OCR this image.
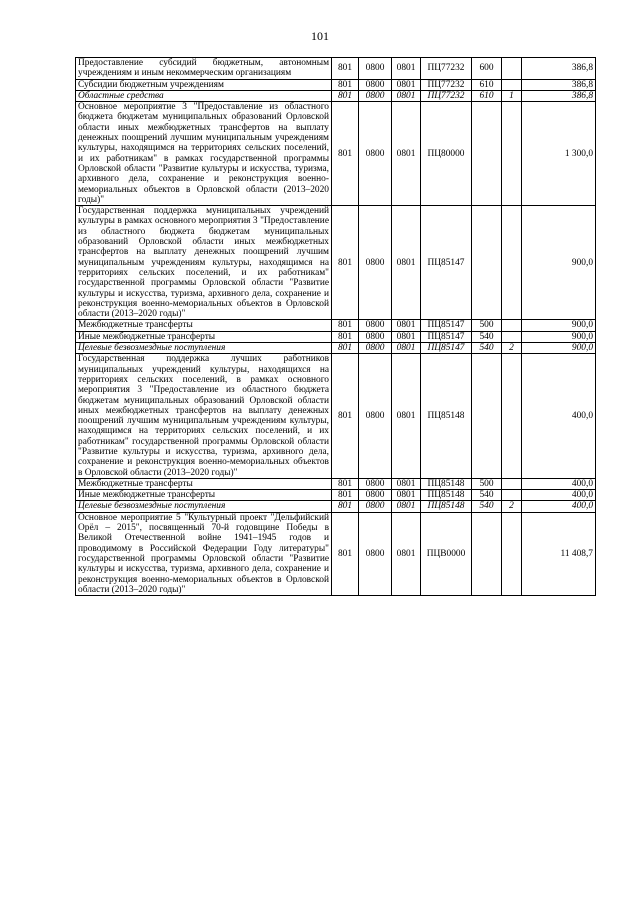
101
Предоставление субсидий бюджетным, автономным учреждениям и иным некоммерческим организациям	801	0800	0801	ПЦ77232	600		386,8
Субсидии бюджетным учреждениям	801	0800	0801	ПЦ77232	610		386,8
Областные средства	801	0800	0801	ПЦ77232	610	1	386,8
Основное мероприятие 3 "Предоставление из областного бюджета бюджетам муниципальных образований Орловской области иных межбюджетных трансфертов на выплату денежных поощрений лучшим муниципальным учреждениям культуры, находящимся на территориях сельских поселений, и их работникам" в рамках государственной программы Орловской области "Развитие культуры и искусства, туризма, архивного дела, сохранение и реконструкция военно-мемориальных объектов в Орловской области (2013–2020 годы)"	801	0800	0801	ПЦ80000			1 300,0
Государственная поддержка муниципальных учреждений культуры в рамках основного мероприятия 3 "Предоставление из областного бюджета бюджетам муниципальных образований Орловской области иных межбюджетных трансфертов на выплату денежных поощрений лучшим муниципальным учреждениям культуры, находящимся на территориях сельских поселений, и их работникам" государственной программы Орловской области "Развитие культуры и искусства, туризма, архивного дела, сохранение и реконструкция военно-мемориальных объектов в Орловской области (2013–2020 годы)"	801	0800	0801	ПЦ85147			900,0
Межбюджетные трансферты	801	0800	0801	ПЦ85147	500		900,0
Иные межбюджетные трансферты	801	0800	0801	ПЦ85147	540		900,0
Целевые безвозмездные поступления	801	0800	0801	ПЦ85147	540	2	900,0
Государственная поддержка лучших работников муниципальных учреждений культуры, находящихся на территориях сельских поселений, в рамках основного мероприятия 3 "Предоставление из областного бюджета бюджетам муниципальных образований Орловской области иных межбюджетных трансфертов на выплату денежных поощрений лучшим муниципальным учреждениям культуры, находящимся на территориях сельских поселений, и их работникам" государственной программы Орловской области "Развитие культуры и искусства, туризма, архивного дела, сохранение и реконструкция военно-мемориальных объектов в Орловской области (2013–2020 годы)"	801	0800	0801	ПЦ85148			400,0
Межбюджетные трансферты	801	0800	0801	ПЦ85148	500		400,0
Иные межбюджетные трансферты	801	0800	0801	ПЦ85148	540		400,0
Целевые безвозмездные поступления	801	0800	0801	ПЦ85148	540	2	400,0
Основное мероприятие 5 "Культурный проект "Дельфийский Орёл – 2015", посвященный 70-й годовщине Победы в Великой Отечественной войне 1941–1945 годов и проводимому в Российской Федерации Году литературы" государственной программы Орловской области "Развитие культуры и искусства, туризма, архивного дела, сохранение и реконструкция военно-мемориальных объектов в Орловской области (2013–2020 годы)"	801	0800	0801	ПЦВ0000			11 408,7
